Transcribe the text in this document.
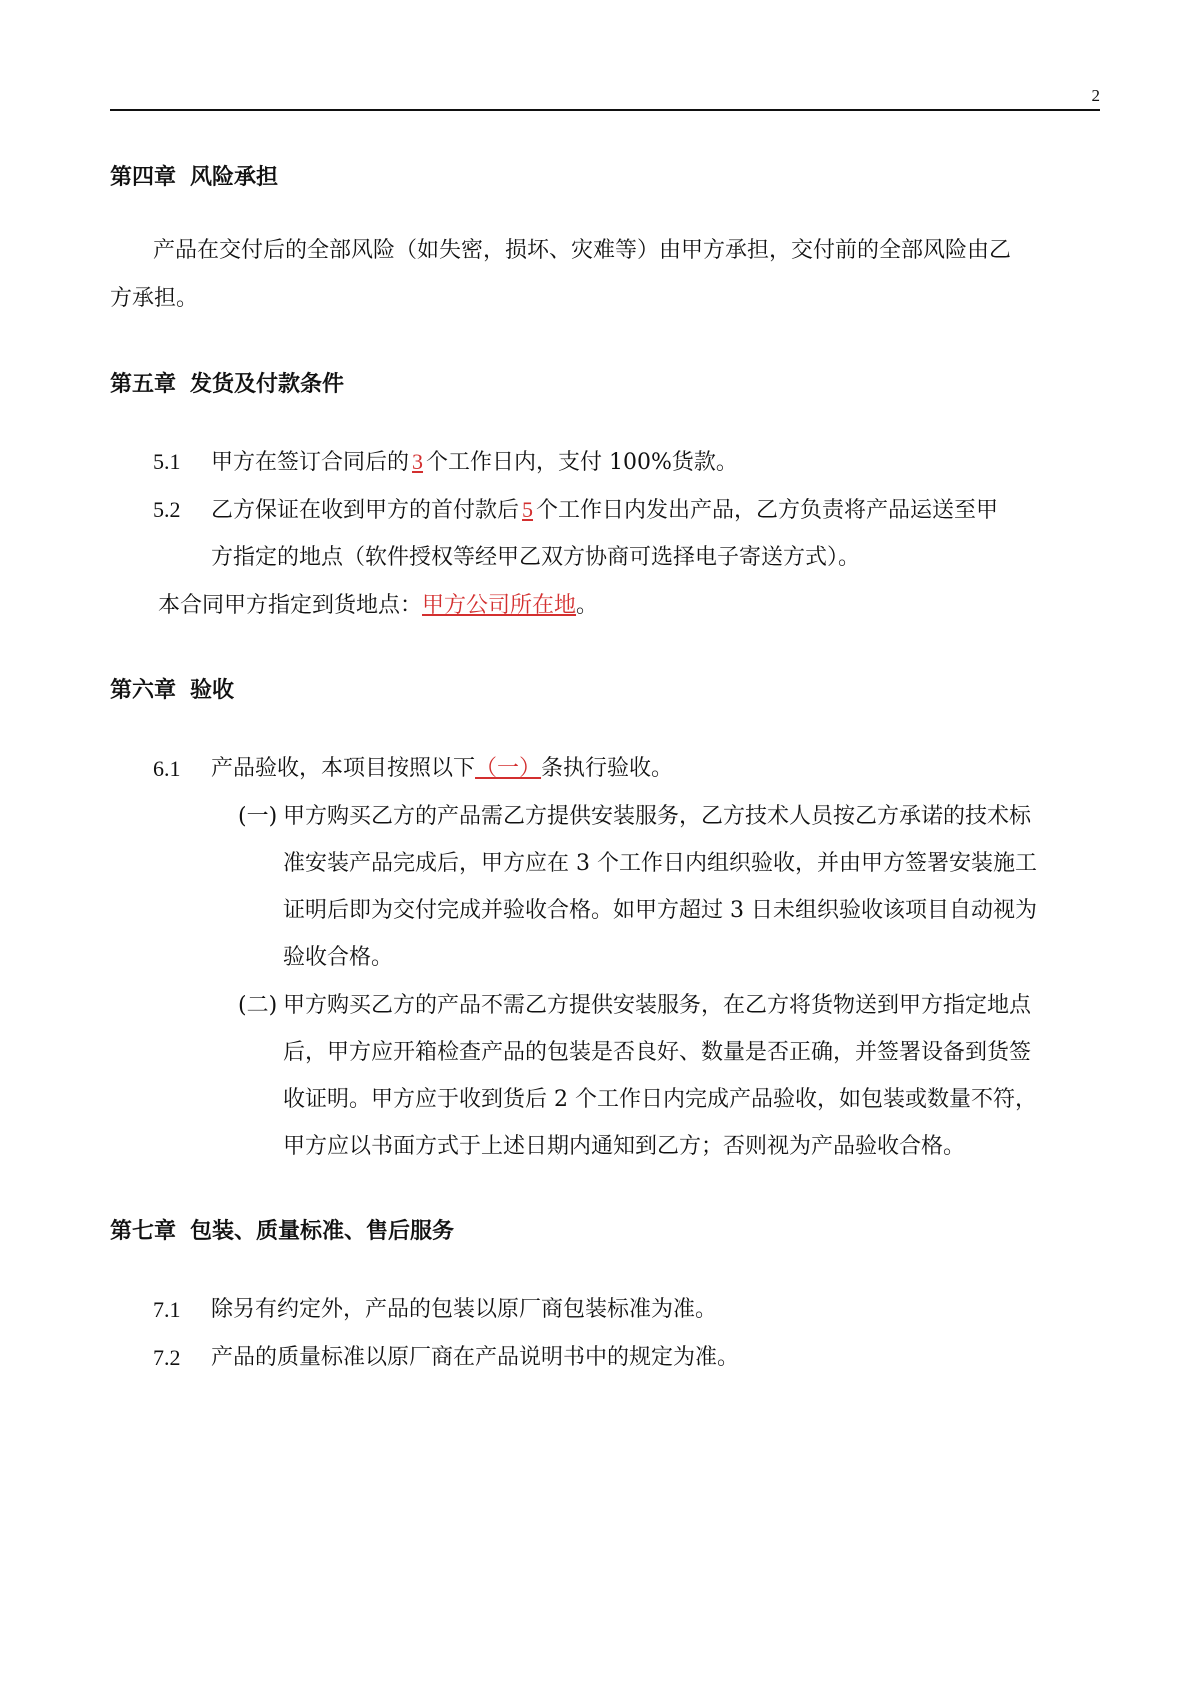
2
第四章 风险承担
产品在交付后的全部风险（如失密，损坏、灾难等）由甲方承担，交付前的全部风险由乙
方承担。
第五章 发货及付款条件
5.1 甲方在签订合同后的 3 个工作日内，支付 100%货款。
5.2 乙方保证在收到甲方的首付款后 5 个工作日内发出产品，乙方负责将产品运送至甲
方指定的地点（软件授权等经甲乙双方协商可选择电子寄送方式）。
本合同甲方指定到货地点：甲方公司所在地。
第六章 验收
6.1 产品验收，本项目按照以下（一）条执行验收。
(一) 甲方购买乙方的产品需乙方提供安装服务，乙方技术人员按乙方承诺的技术标
准安装产品完成后，甲方应在 3 个工作日内组织验收，并由甲方签署安装施工
证明后即为交付完成并验收合格。如甲方超过 3 日未组织验收该项目自动视为
验收合格。
(二) 甲方购买乙方的产品不需乙方提供安装服务，在乙方将货物送到甲方指定地点
后，甲方应开箱检查产品的包装是否良好、数量是否正确，并签署设备到货签
收证明。甲方应于收到货后 2 个工作日内完成产品验收，如包装或数量不符，
甲方应以书面方式于上述日期内通知到乙方；否则视为产品验收合格。
第七章 包装、质量标准、售后服务
7.1 除另有约定外，产品的包装以原厂商包装标准为准。
7.2 产品的质量标准以原厂商在产品说明书中的规定为准。
